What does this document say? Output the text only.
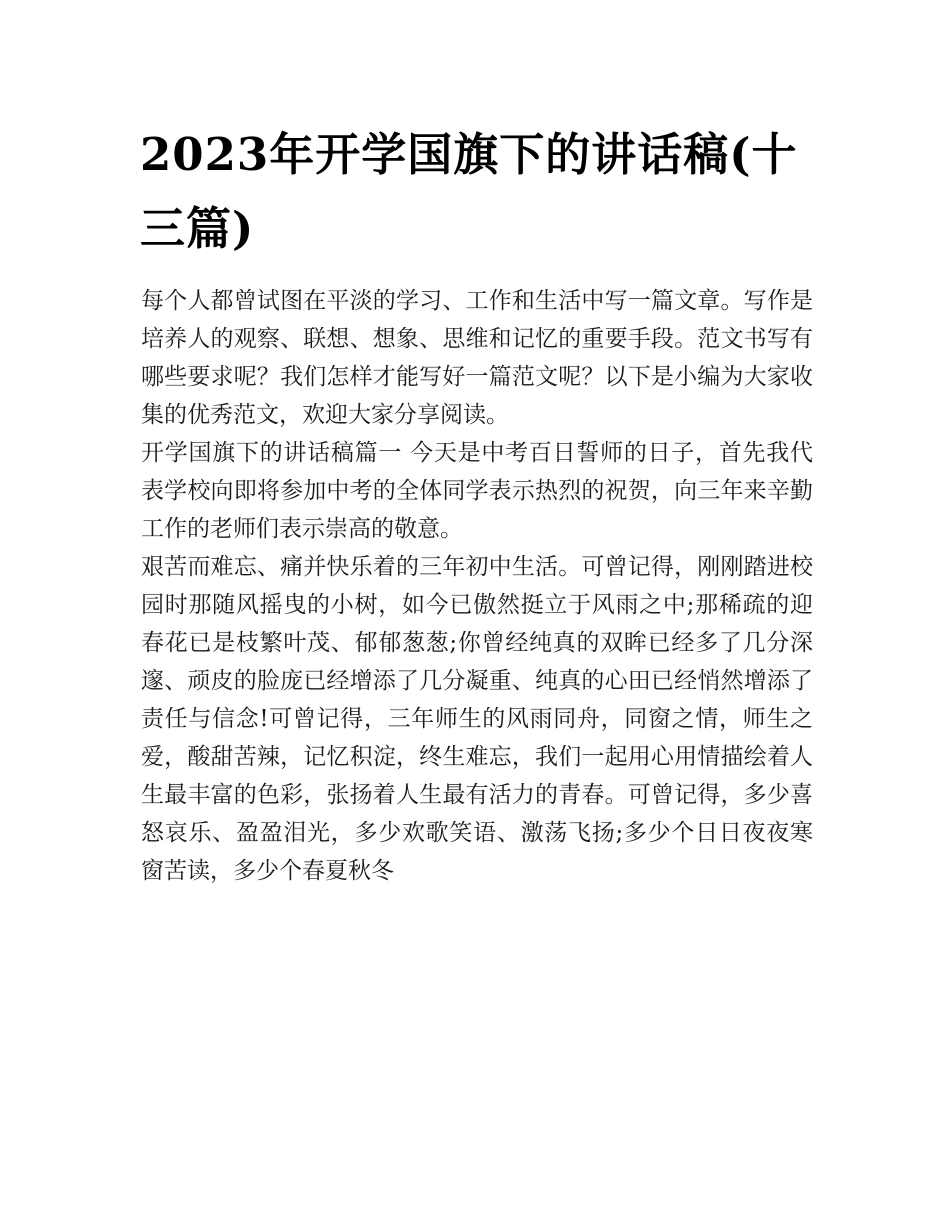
2023年开学国旗下的讲话稿(十三篇)

每个人都曾试图在平淡的学习、工作和生活中写一篇文章。写作是培养人的观察、联想、想象、思维和记忆的重要手段。范文书写有哪些要求呢？我们怎样才能写好一篇范文呢？以下是小编为大家收集的优秀范文，欢迎大家分享阅读。

开学国旗下的讲话稿篇一 今天是中考百日誓师的日子，首先我代表学校向即将参加中考的全体同学表示热烈的祝贺，向三年来辛勤工作的老师们表示崇高的敬意。

艰苦而难忘、痛并快乐着的三年初中生活。可曾记得，刚刚踏进校园时那随风摇曳的小树，如今已傲然挺立于风雨之中;那稀疏的迎春花已是枝繁叶茂、郁郁葱葱;你曾经纯真的双眸已经多了几分深邃、顽皮的脸庞已经增添了几分凝重、纯真的心田已经悄然增添了责任与信念!可曾记得，三年师生的风雨同舟，同窗之情，师生之爱，酸甜苦辣，记忆积淀，终生难忘，我们一起用心用情描绘着人生最丰富的色彩，张扬着人生最有活力的青春。可曾记得，多少喜怒哀乐、盈盈泪光，多少欢歌笑语、激荡飞扬;多少个日日夜夜寒窗苦读，多少个春夏秋冬
